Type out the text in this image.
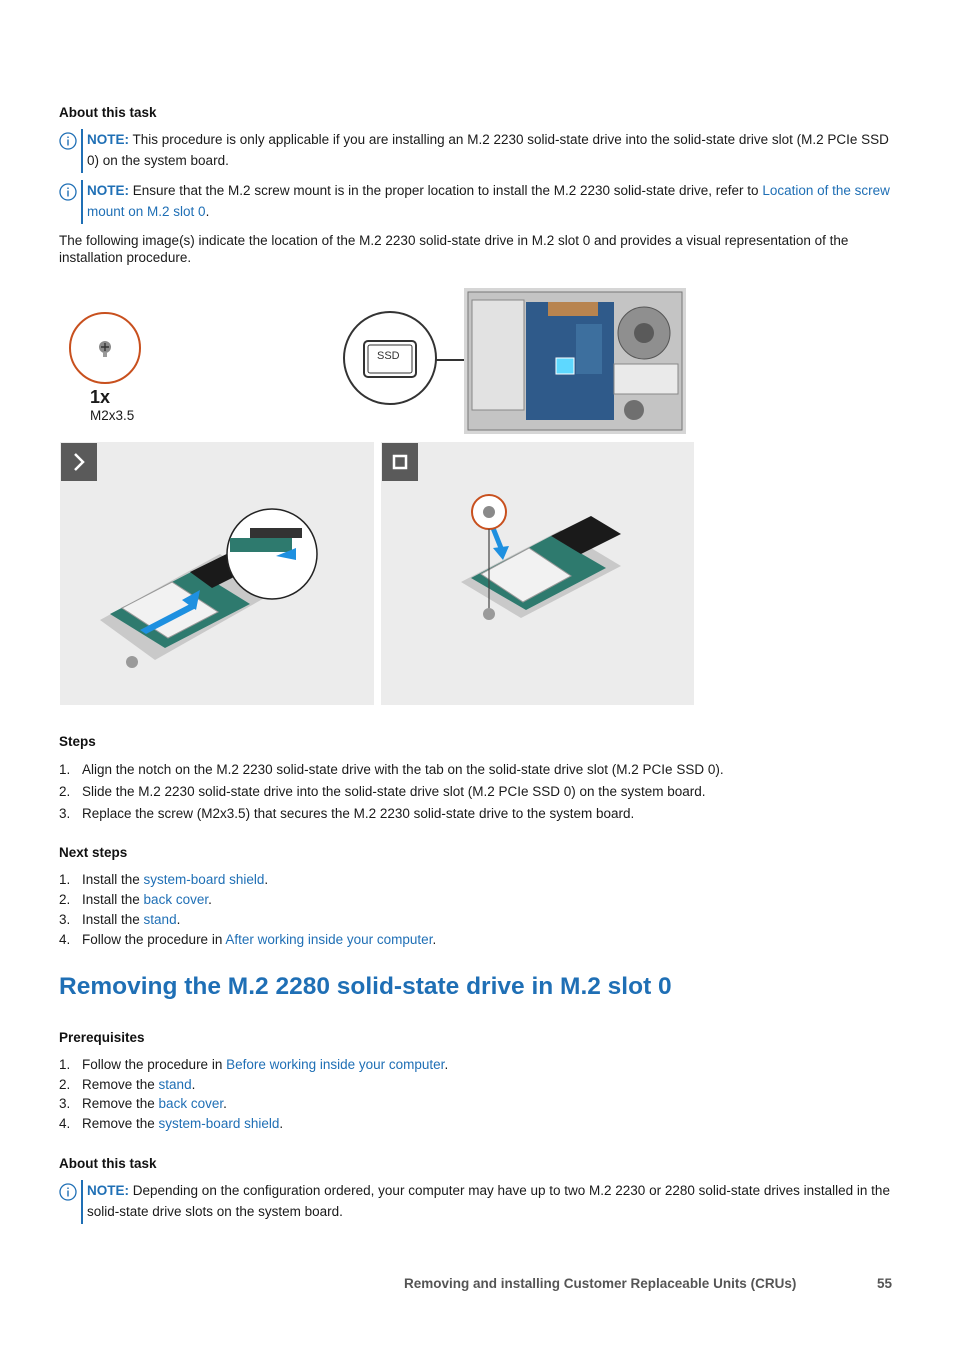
About this task
NOTE: This procedure is only applicable if you are installing an M.2 2230 solid-state drive into the solid-state drive slot (M.2 PCIe SSD 0) on the system board.
NOTE: Ensure that the M.2 screw mount is in the proper location to install the M.2 2230 solid-state drive, refer to Location of the screw mount on M.2 slot 0.
The following image(s) indicate the location of the M.2 2230 solid-state drive in M.2 slot 0 and provides a visual representation of the installation procedure.
1x
M2x3.5
SSD
Steps
1. Align the notch on the M.2 2230 solid-state drive with the tab on the solid-state drive slot (M.2 PCIe SSD 0).
2. Slide the M.2 2230 solid-state drive into the solid-state drive slot (M.2 PCIe SSD 0) on the system board.
3. Replace the screw (M2x3.5) that secures the M.2 2230 solid-state drive to the system board.
Next steps
1. Install the system-board shield.
2. Install the back cover.
3. Install the stand.
4. Follow the procedure in After working inside your computer.
Removing the M.2 2280 solid-state drive in M.2 slot 0
Prerequisites
1. Follow the procedure in Before working inside your computer.
2. Remove the stand.
3. Remove the back cover.
4. Remove the system-board shield.
About this task
NOTE: Depending on the configuration ordered, your computer may have up to two M.2 2230 or 2280 solid-state drives installed in the solid-state drive slots on the system board.
Removing and installing Customer Replaceable Units (CRUs)	55
